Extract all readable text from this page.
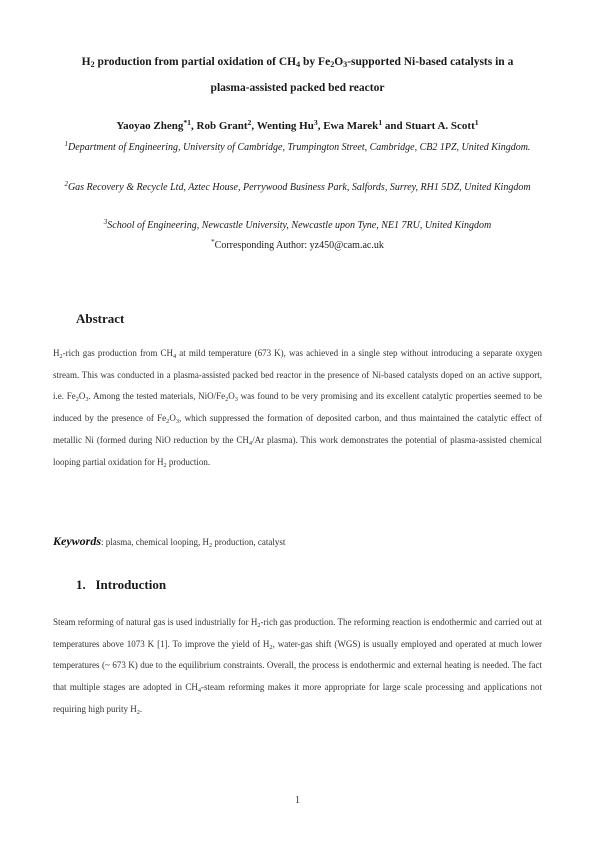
$H_2$ production from partial oxidation of $CH_4$ by $Fe_2O_3$-supported Ni-based catalysts in a
plasma-assisted packed bed reactor
Yaoyao Zheng$^{*1}$, Rob Grant$^2$, Wenting Hu$^3$, Ewa Marek$^1$ and Stuart A. Scott$^1$
$^1$Department of Engineering, University of Cambridge, Trumpington Street, Cambridge, CB2 1PZ, United Kingdom.
$^2$Gas Recovery & Recycle Ltd, Aztec House, Perrywood Business Park, Salfords, Surrey, RH1 5DZ, United Kingdom
$^3$School of Engineering, Newcastle University, Newcastle upon Tyne, NE1 7RU, United Kingdom
*Corresponding Author: yz450@cam.ac.uk
Abstract
$H_2$-rich gas production from $CH_4$ at mild temperature (673 K), was achieved in a single step without introducing a separate oxygen stream. This was conducted in a plasma-assisted packed bed reactor in the presence of Ni-based catalysts doped on an active support, i.e. $Fe_2O_3$. Among the tested materials, NiO/$Fe_2O_3$ was found to be very promising and its excellent catalytic properties seemed to be induced by the presence of $Fe_2O_3$, which suppressed the formation of deposited carbon, and thus maintained the catalytic effect of metallic Ni (formed during NiO reduction by the $CH_4/Ar$ plasma). This work demonstrates the potential of plasma-assisted chemical looping partial oxidation for $H_2$ production.
Keywords: plasma, chemical looping, $H_2$ production, catalyst
1.  Introduction
Steam reforming of natural gas is used industrially for $H_2$-rich gas production. The reforming reaction is endothermic and carried out at temperatures above 1073 K [1]. To improve the yield of $H_2$, water-gas shift (WGS) is usually employed and operated at much lower temperatures (~ 673 K) due to the equilibrium constraints. Overall, the process is endothermic and external heating is needed. The fact that multiple stages are adopted in $CH_4$-steam reforming makes it more appropriate for large scale processing and applications not requiring high purity $H_2$.
1
